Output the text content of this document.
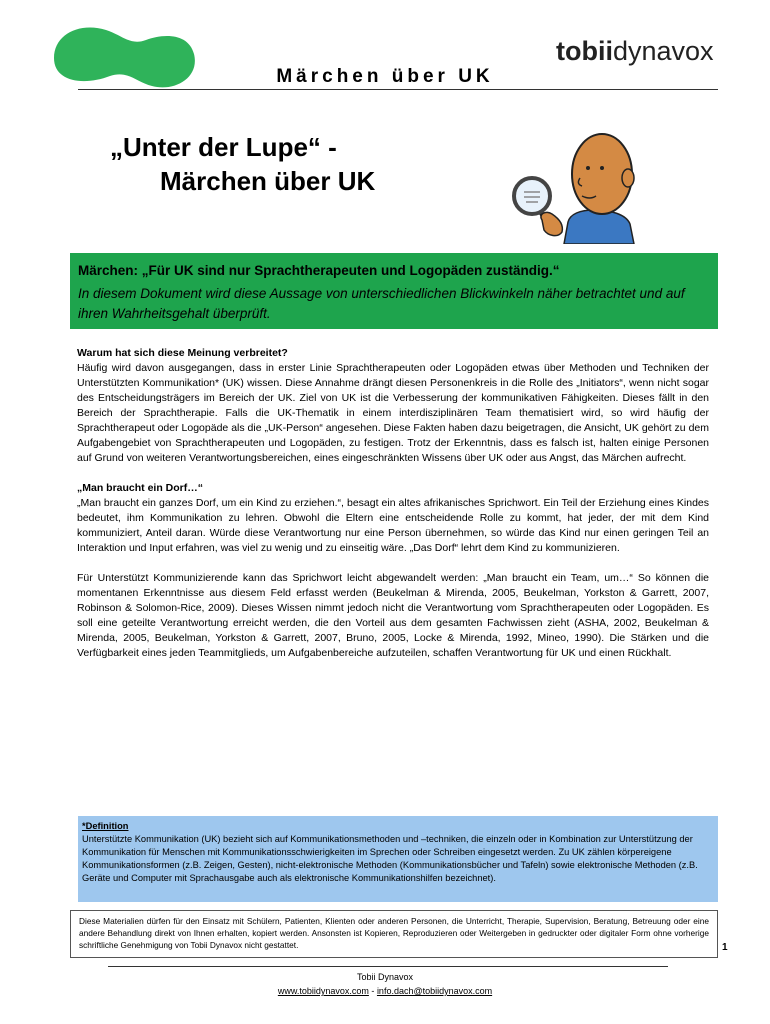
tobiidynavox
Märchen über UK
„Unter der Lupe“ -
Märchen über UK
Märchen: „Für UK sind nur Sprachtherapeuten und Logopäden zuständig.“
In diesem Dokument wird diese Aussage von unterschiedlichen Blickwinkeln näher betrachtet und auf ihren Wahrheitsgehalt überprüft.
Warum hat sich diese Meinung verbreitet?

Häufig wird davon ausgegangen, dass in erster Linie Sprachtherapeuten oder Logopäden etwas über Methoden und Techniken der Unterstützten Kommunikation* (UK) wissen. Diese Annahme drängt diesen Personenkreis in die Rolle des „Initiators“, wenn nicht sogar des Entscheidungsträgers im Bereich der UK. Ziel von UK ist die Verbesserung der kommunikativen Fähigkeiten. Dieses fällt in den Bereich der Sprachtherapie. Falls die UK-Thematik in einem interdisziplinären Team thematisiert wird, so wird häufig der Sprachtherapeut oder Logopäde als die „UK-Person“ angesehen. Diese Fakten haben dazu beigetragen, die Ansicht, UK gehört zu dem Aufgabengebiet von Sprachtherapeuten und Logopäden, zu festigen. Trotz der Erkenntnis, dass es falsch ist, halten einige Personen auf Grund von weiteren Verantwortungsbereichen, eines eingeschränkten Wissens über UK oder aus Angst, das Märchen aufrecht.

„Man braucht ein Dorf…“

„Man braucht ein ganzes Dorf, um ein Kind zu erziehen.“, besagt ein altes afrikanisches Sprichwort. Ein Teil der Erziehung eines Kindes bedeutet, ihm Kommunikation zu lehren. Obwohl die Eltern eine entscheidende Rolle zu kommt, hat jeder, der mit dem Kind kommuniziert, Anteil daran. Würde diese Verantwortung nur eine Person übernehmen, so würde das Kind nur einen geringen Teil an Interaktion und Input erfahren, was viel zu wenig und zu einseitig wäre. „Das Dorf“ lehrt dem Kind zu kommunizieren.

Für Unterstützt Kommunizierende kann das Sprichwort leicht abgewandelt werden: „Man braucht ein Team, um…“ So können die momentanen Erkenntnisse aus diesem Feld erfasst werden (Beukelman & Mirenda, 2005, Beukelman, Yorkston & Garrett, 2007, Robinson & Solomon-Rice, 2009). Dieses Wissen nimmt jedoch nicht die Verantwortung vom Sprachtherapeuten oder Logopäden. Es soll eine geteilte Verantwortung erreicht werden, die den Vorteil aus dem gesamten Fachwissen zieht (ASHA, 2002, Beukelman & Mirenda, 2005, Beukelman, Yorkston & Garrett, 2007, Bruno, 2005, Locke & Mirenda, 1992, Mineo, 1990). Die Stärken und die Verfügbarkeit eines jeden Teammitglieds, um Aufgabenbereiche aufzuteilen, schaffen Verantwortung für UK und einen Rückhalt.

*Definition
Unterstützte Kommunikation (UK) bezieht sich auf Kommunikationsmethoden und –techniken, die einzeln oder in Kombination zur Unterstützung der Kommunikation für Menschen mit Kommunikationsschwierigkeiten im Sprechen oder Schreiben eingesetzt werden. Zu UK zählen körpereigene Kommunikationsformen (z.B. Zeigen, Gesten), nicht-elektronische Methoden (Kommunikationsbücher und Tafeln) sowie elektronische Methoden (z.B. Geräte und Computer mit Sprachausgabe auch als elektronische Kommunikationshilfen bezeichnet).
Diese Materialien dürfen für den Einsatz mit Schülern, Patienten, Klienten oder anderen Personen, die Unterricht, Therapie, Supervision, Beratung, Betreuung oder eine andere Behandlung direkt von Ihnen erhalten, kopiert werden. Ansonsten ist Kopieren, Reproduzieren oder Weitergeben in gedruckter oder digitaler Form ohne vorherige schriftliche Genehmigung von Tobii Dynavox nicht gestattet.	1
Tobii Dynavox
www.tobiidynavox.com - info.dach@tobiidynavox.com
